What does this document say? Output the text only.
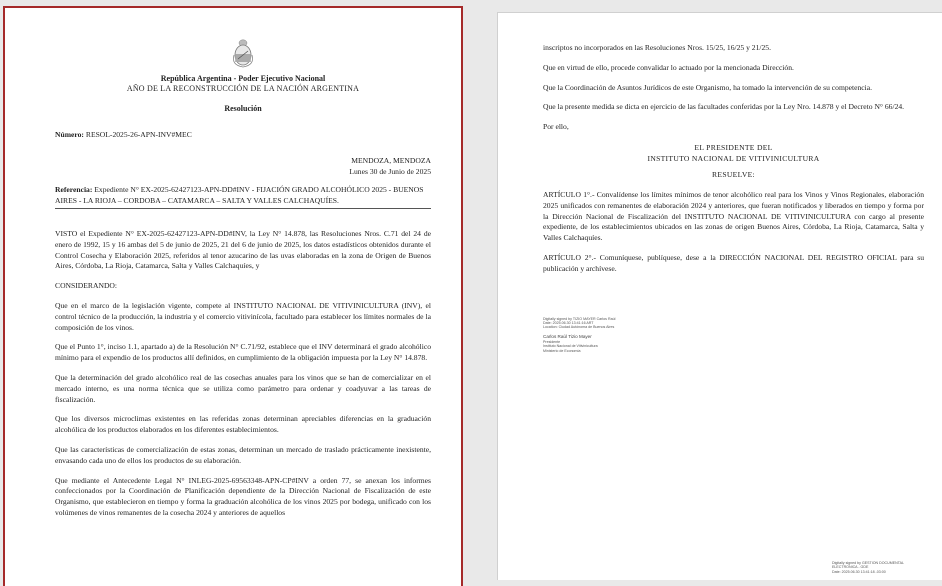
República Argentina - Poder Ejecutivo Nacional

AÑO DE LA RECONSTRUCCIÓN DE LA NACIÓN ARGENTINA

Resolución

Número: RESOL-2025-26-APN-INV#MEC

MENDOZA, MENDOZA
Lunes 30 de Junio de 2025

Referencia: Expediente N° EX-2025-62427123-APN-DD#INV - FIJACIÓN GRADO ALCOHÓLICO 2025 - BUENOS AIRES - LA RIOJA – CORDOBA – CATAMARCA – SALTA Y VALLES CALCHAQUÍES.

VISTO el Expediente N° EX-2025-62427123-APN-DD#INV, la Ley N° 14.878, las Resoluciones Nros. C.71 del 24 de enero de 1992, 15 y 16 ambas del 5 de junio de 2025, 21 del 6 de junio de 2025, los datos estadísticos obtenidos durante el Control Cosecha y Elaboración 2025, referidos al tenor azucarino de las uvas elaboradas en la zona de Origen de Buenos Aires, Córdoba, La Rioja, Catamarca, Salta y Valles Calchaquíes, y

CONSIDERANDO:

Que en el marco de la legislación vigente, compete al INSTITUTO NACIONAL DE VITIVINICULTURA (INV), el control técnico de la producción, la industria y el comercio vitivinícola, facultado para establecer los límites normales de la composición de los vinos.

Que el Punto 1°, inciso 1.1, apartado a) de la Resolución N° C.71/92, establece que el INV determinará el grado alcohólico mínimo para el expendio de los productos allí definidos, en cumplimiento de la obligación impuesta por la Ley N° 14.878.

Que la determinación del grado alcohólico real de las cosechas anuales para los vinos que se han de comercializar en el mercado interno, es una norma técnica que se utiliza como parámetro para ordenar y coadyuvar a las tareas de fiscalización.

Que los diversos microclimas existentes en las referidas zonas determinan apreciables diferencias en la graduación alcohólica de los productos elaborados en los diferentes establecimientos.

Que las características de comercialización de estas zonas, determinan un mercado de traslado prácticamente inexistente, envasando cada uno de ellos los productos de su elaboración.

Que mediante el Antecedente Legal N° INLEG-2025-69563348-APN-CP#INV a orden 77, se anexan los informes confeccionados por la Coordinación de Planificación dependiente de la Dirección Nacional de Fiscalización de este Organismo, que establecieron en tiempo y forma la graduación alcohólica de los vinos 2025 por bodega, unificado con los volúmenes de vinos remanentes de la cosecha 2024 y anteriores de aquellos

inscriptos no incorporados en las Resoluciones Nros. 15/25, 16/25 y 21/25.

Que en virtud de ello, procede convalidar lo actuado por la mencionada Dirección.

Que la Coordinación de Asuntos Jurídicos de este Organismo, ha tomado la intervención de su competencia.

Que la presente medida se dicta en ejercicio de las facultades conferidas por la Ley Nro. 14.878 y el Decreto N° 66/24.

Por ello,

EL PRESIDENTE DEL

INSTITUTO NACIONAL DE VITIVINICULTURA

RESUELVE:

ARTÍCULO 1°.- Convalídense los límites mínimos de tenor alcohólico real para los Vinos y Vinos Regionales, elaboración 2025 unificados con remanentes de elaboración 2024 y anteriores, que fueran notificados y liberados en tiempo y forma por la Dirección Nacional de Fiscalización del INSTITUTO NACIONAL DE VITIVINICULTURA con cargo al presente expediente, de los establecimientos ubicados en las zonas de origen Buenos Aires, Córdoba, La Rioja, Catamarca, Salta y Valles Calchaquíes.

ARTÍCULO 2°.- Comuníquese, publíquese, dese a la DIRECCIÓN NACIONAL DEL REGISTRO OFICIAL para su publicación y archívese.

Digitally signed by TIZIO MAYER Carlos Raúl
Date: 2025.06.30 13:41:16 ART
Location: Ciudad Autónoma de Buenos Aires
Carlos Raúl Tizio Mayer
Presidente
Instituto Nacional de Vitivinicultura
Ministerio de Economía
Digitally signed by GESTION DOCUMENTAL
ELECTRONICA - GDE
Date: 2025.06.30 13:41:18 -03:00
